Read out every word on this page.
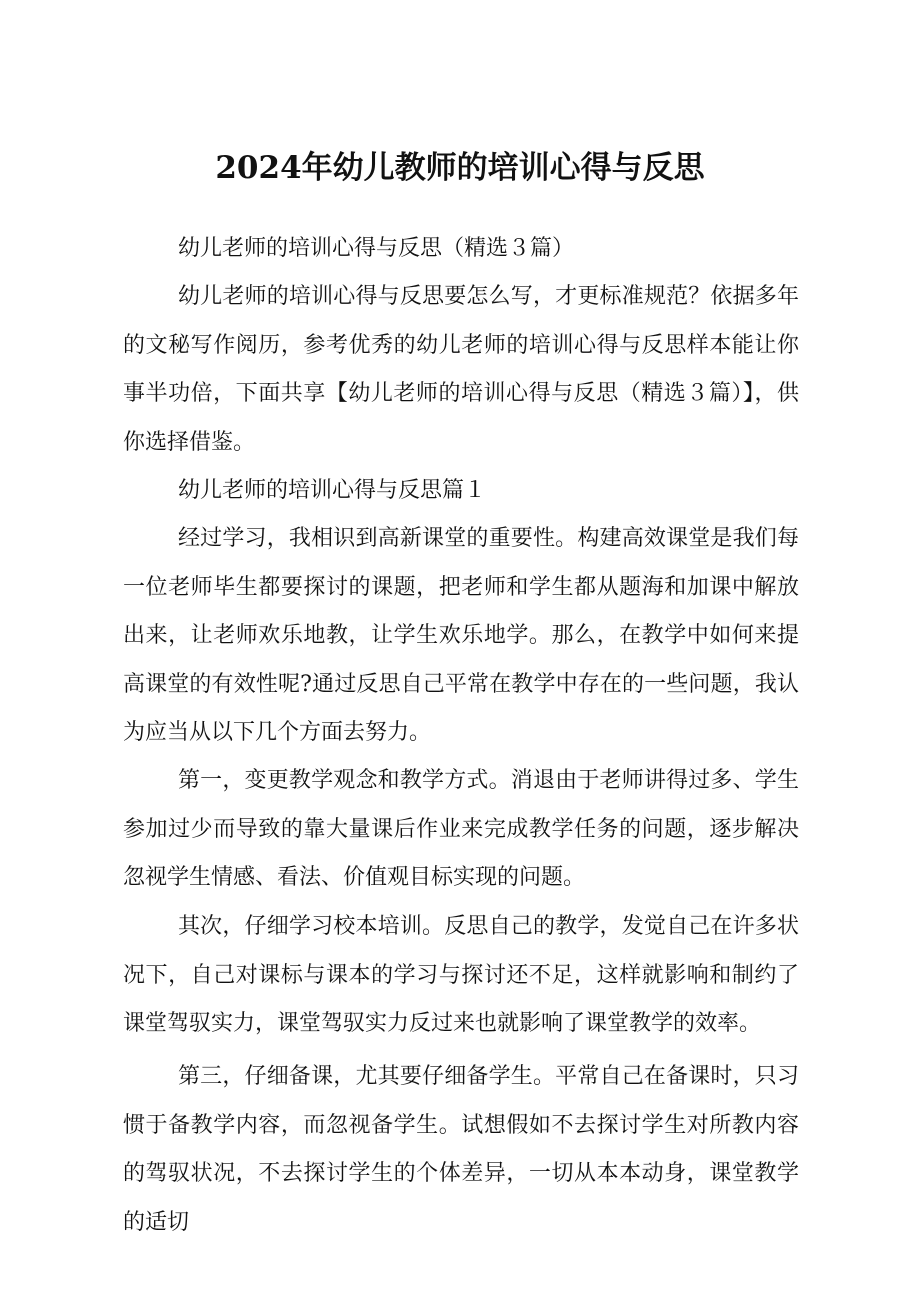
2024年幼儿教师的培训心得与反思

幼儿老师的培训心得与反思（精选３篇）

幼儿老师的培训心得与反思要怎么写，才更标准规范？依据多年的文秘写作阅历，参考优秀的幼儿老师的培训心得与反思样本能让你事半功倍，下面共享【幼儿老师的培训心得与反思（精选３篇）】，供你选择借鉴。

幼儿老师的培训心得与反思篇１

经过学习，我相识到高新课堂的重要性。构建高效课堂是我们每一位老师毕生都要探讨的课题，把老师和学生都从题海和加课中解放出来，让老师欢乐地教，让学生欢乐地学。那么，在教学中如何来提高课堂的有效性呢?通过反思自己平常在教学中存在的一些问题，我认为应当从以下几个方面去努力。

第一，变更教学观念和教学方式。消退由于老师讲得过多、学生参加过少而导致的靠大量课后作业来完成教学任务的问题，逐步解决忽视学生情感、看法、价值观目标实现的问题。

其次，仔细学习校本培训。反思自己的教学，发觉自己在许多状况下，自己对课标与课本的学习与探讨还不足，这样就影响和制约了课堂驾驭实力，课堂驾驭实力反过来也就影响了课堂教学的效率。

第三，仔细备课，尤其要仔细备学生。平常自己在备课时，只习惯于备教学内容，而忽视备学生。试想假如不去探讨学生对所教内容的驾驭状况，不去探讨学生的个体差异，一切从本本动身，课堂教学的适切
